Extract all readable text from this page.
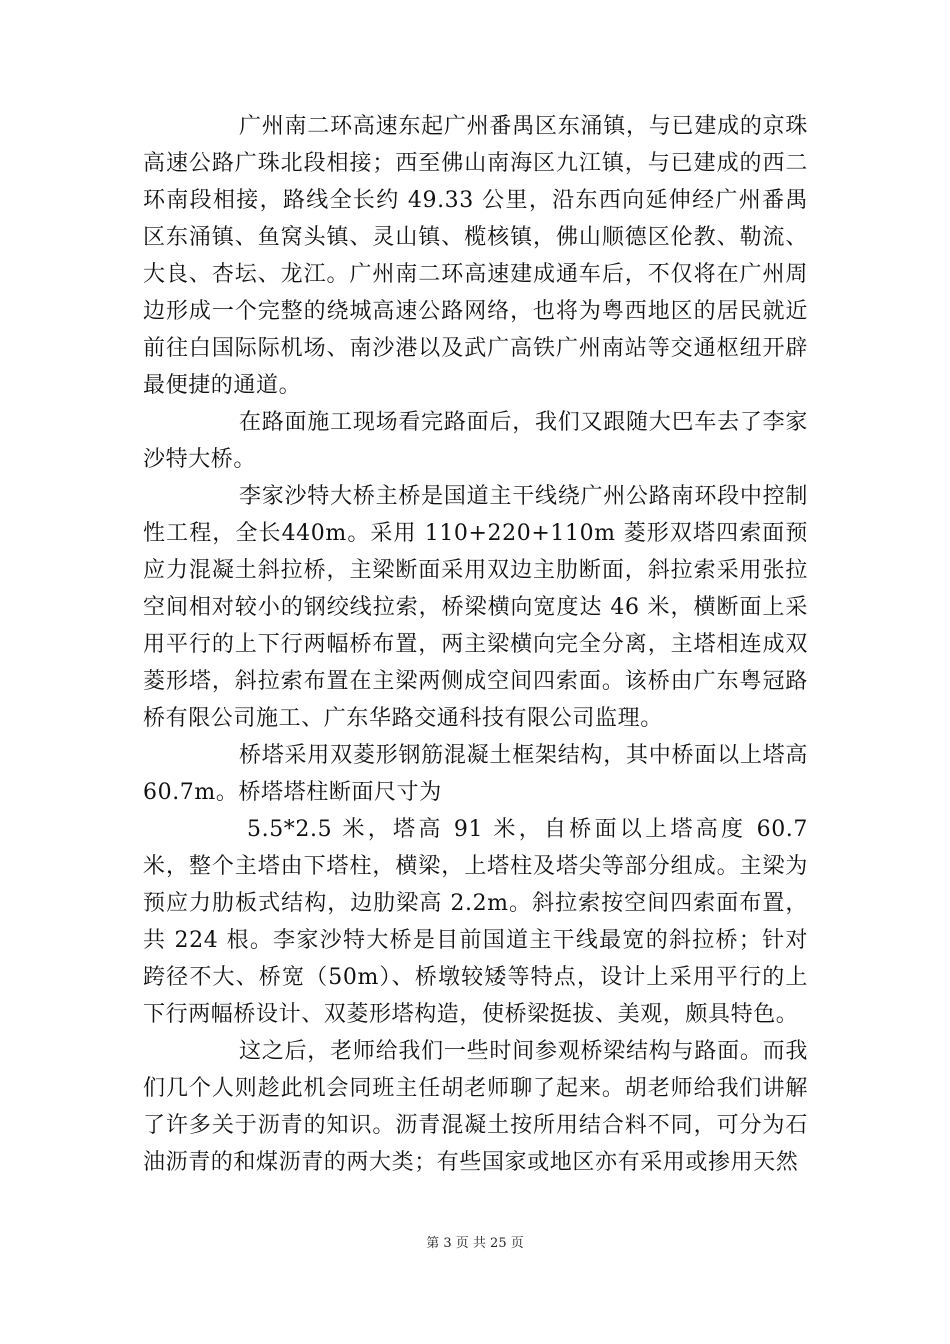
广州南二环高速东起广州番禺区东涌镇，与已建成的京珠高速公路广珠北段相接；西至佛山南海区九江镇，与已建成的西二环南段相接，路线全长约 49.33 公里，沿东西向延伸经广州番禺区东涌镇、鱼窝头镇、灵山镇、榄核镇，佛山顺德区伦教、勒流、大良、杏坛、龙江。广州南二环高速建成通车后，不仅将在广州周边形成一个完整的绕城高速公路网络，也将为粤西地区的居民就近前往白国际际机场、南沙港以及武广高铁广州南站等交通枢纽开辟最便捷的通道。

在路面施工现场看完路面后，我们又跟随大巴车去了李家沙特大桥。

李家沙特大桥主桥是国道主干线绕广州公路南环段中控制性工程，全长440m。采用 110+220+110m 菱形双塔四索面预应力混凝土斜拉桥，主梁断面采用双边主肋断面，斜拉索采用张拉空间相对较小的钢绞线拉索，桥梁横向宽度达 46 米，横断面上采用平行的上下行两幅桥布置，两主梁横向完全分离，主塔相连成双菱形塔，斜拉索布置在主梁两侧成空间四索面。该桥由广东粤冠路桥有限公司施工、广东华路交通科技有限公司监理。

桥塔采用双菱形钢筋混凝土框架结构，其中桥面以上塔高 60.7m。桥塔塔柱断面尺寸为

5.5*2.5 米，塔高 91 米，自桥面以上塔高度 60.7 米，整个主塔由下塔柱，横梁，上塔柱及塔尖等部分组成。主梁为预应力肋板式结构，边肋梁高 2.2m。斜拉索按空间四索面布置，共 224 根。李家沙特大桥是目前国道主干线最宽的斜拉桥；针对跨径不大、桥宽（50m）、桥墩较矮等特点，设计上采用平行的上下行两幅桥设计、双菱形塔构造，使桥梁挺拔、美观，颇具特色。

这之后，老师给我们一些时间参观桥梁结构与路面。而我们几个人则趁此机会同班主任胡老师聊了起来。胡老师给我们讲解了许多关于沥青的知识。沥青混凝土按所用结合料不同，可分为石油沥青的和煤沥青的两大类；有些国家或地区亦有采用或掺用天然

第 3 页 共 25 页
